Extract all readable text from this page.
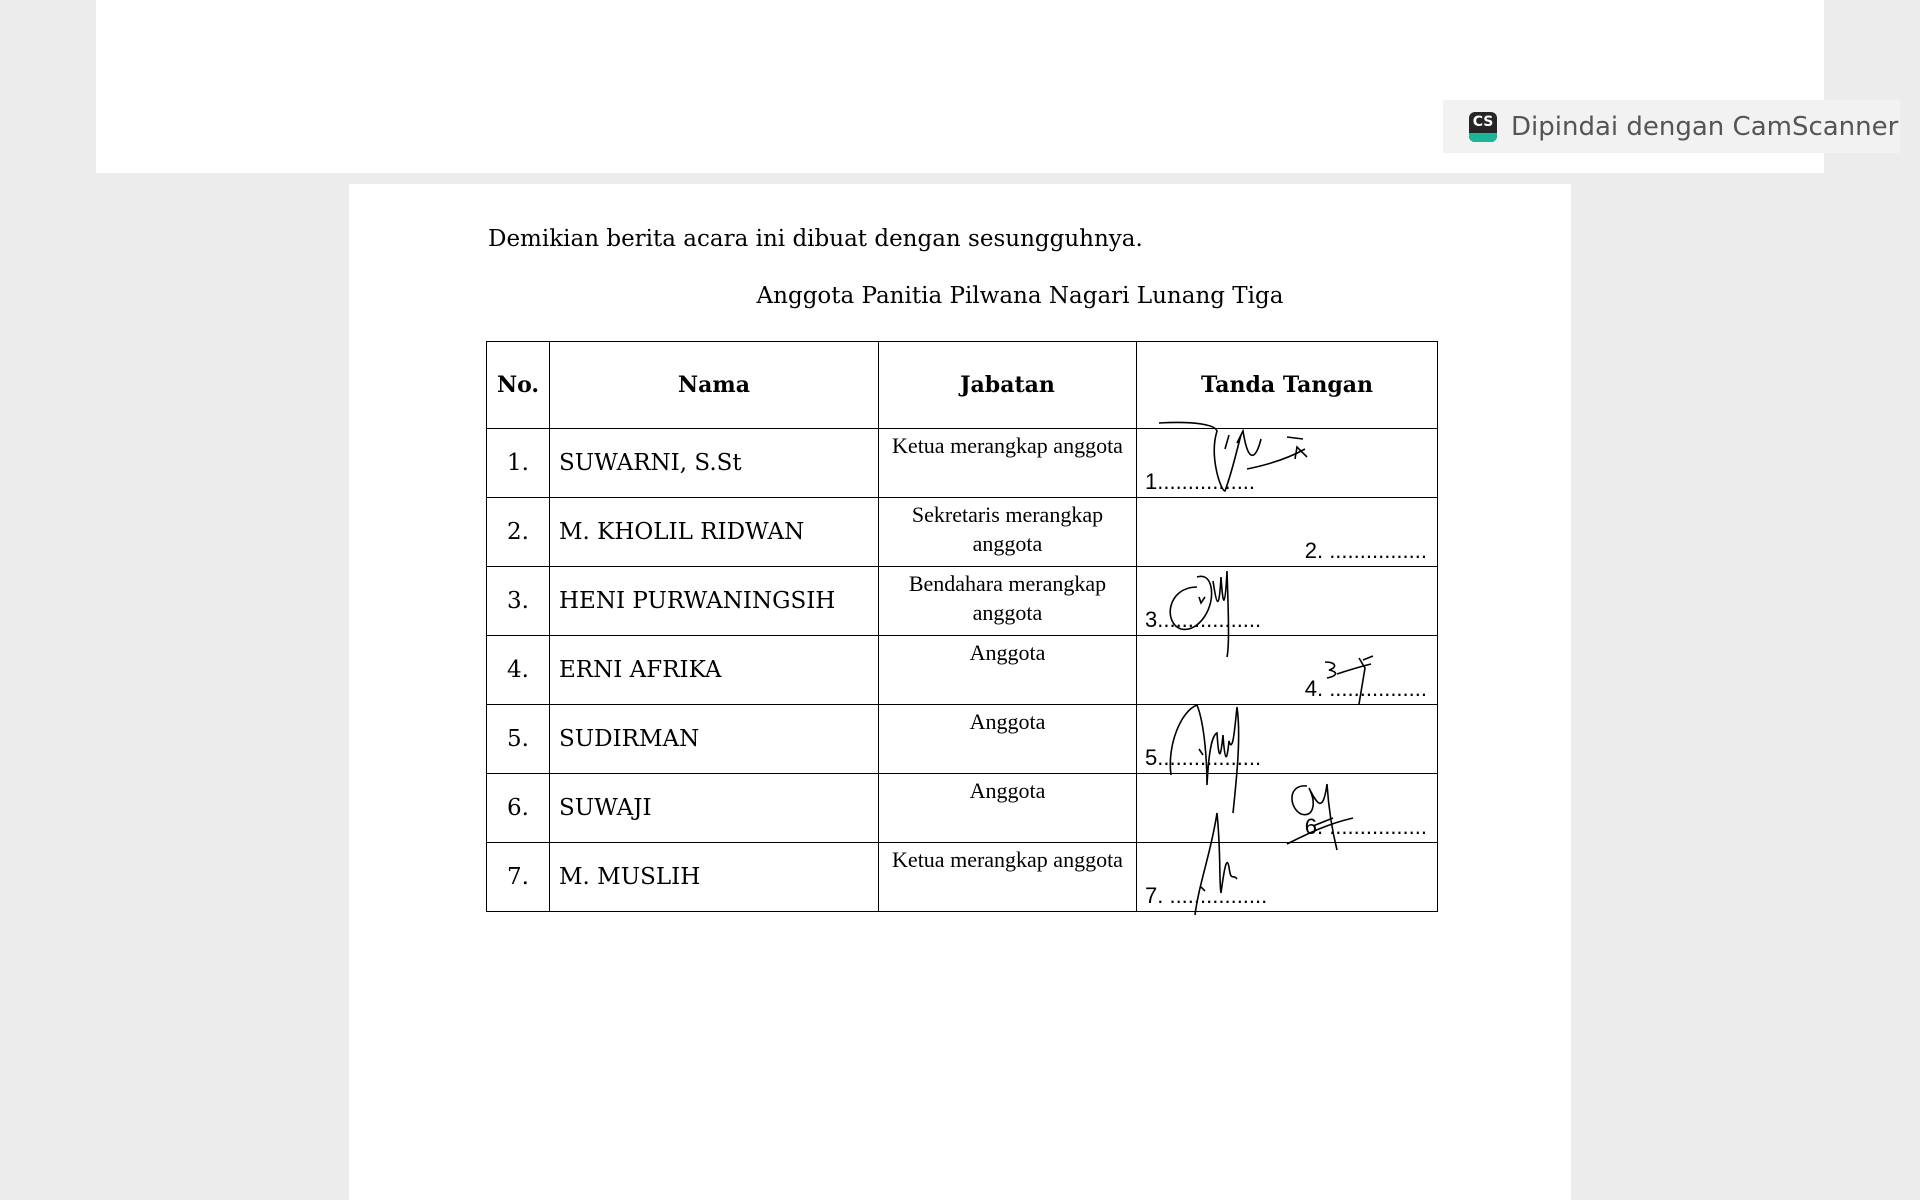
CS Dipindai dengan CamScanner
Demikian berita acara ini dibuat dengan sesungguhnya.
Anggota Panitia Pilwana Nagari Lunang Tiga
No.	Nama	Jabatan	Tanda Tangan
1.	SUWARNI, S.St	Ketua merangkap anggota	1................

2.	M. KHOLIL RIDWAN	Sekretaris merangkap anggota	2. ................

3.	HENI PURWANINGSIH	Bendahara merangkap anggota	3.................

4.	ERNI AFRIKA	Anggota	4. ................

5.	SUDIRMAN	Anggota	5.................

6.	SUWAJI	Anggota	6. ................

7.	M. MUSLIH	Ketua merangkap anggota	7. ................
